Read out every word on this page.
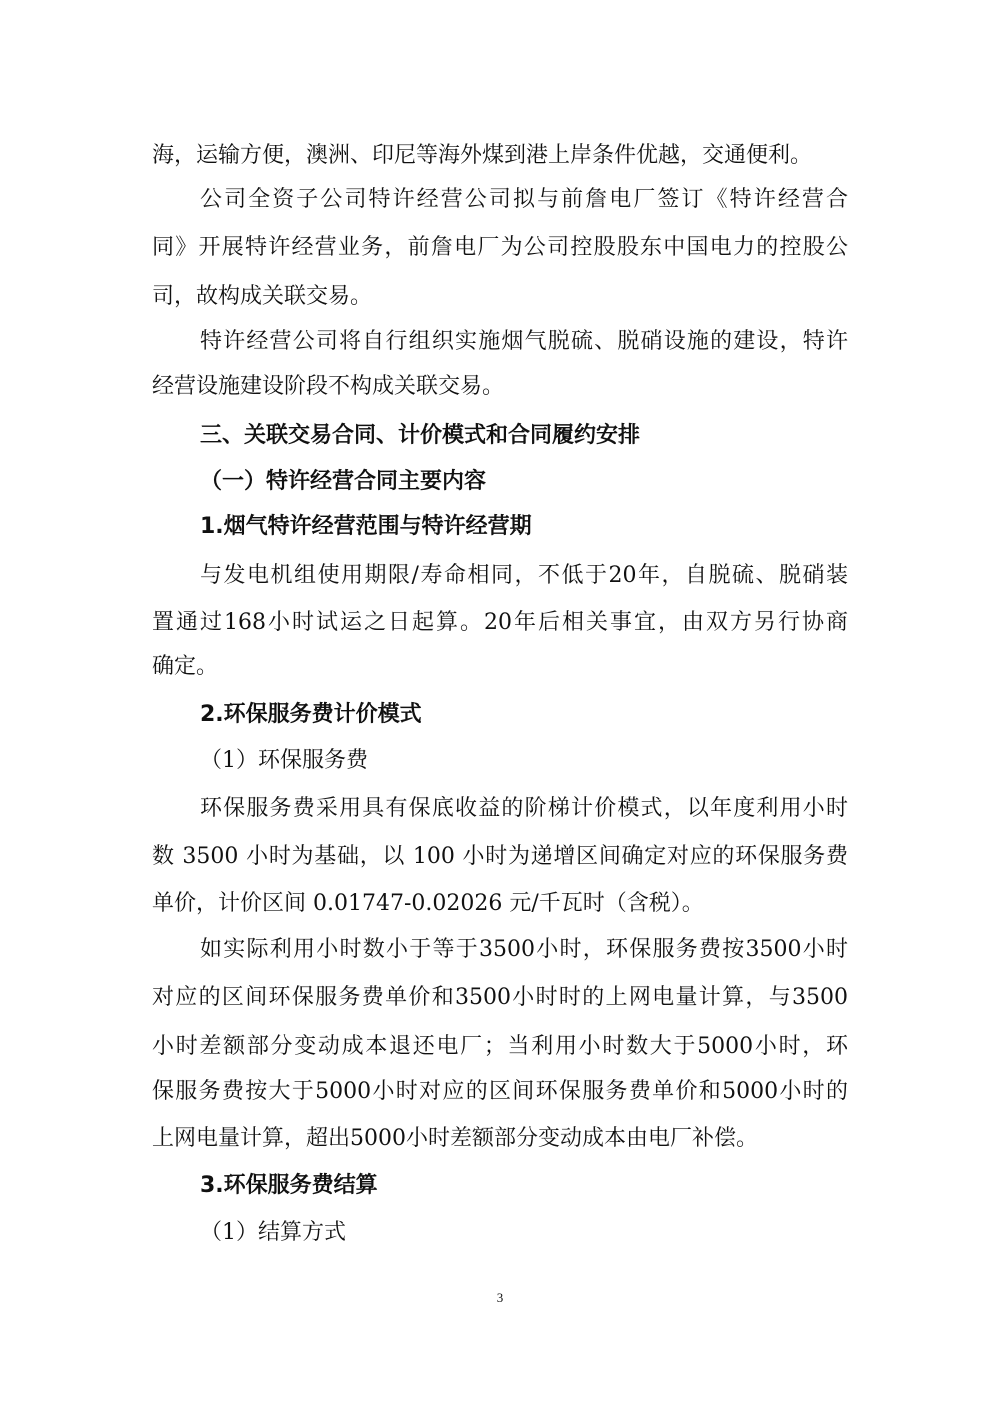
海，运输方便，澳洲、印尼等海外煤到港上岸条件优越，交通便利。
公司全资子公司特许经营公司拟与前詹电厂签订《特许经营合
同》开展特许经营业务，前詹电厂为公司控股股东中国电力的控股公
司，故构成关联交易。
特许经营公司将自行组织实施烟气脱硫、脱硝设施的建设，特许
经营设施建设阶段不构成关联交易。
三、关联交易合同、计价模式和合同履约安排
（一）特许经营合同主要内容
1.烟气特许经营范围与特许经营期
与发电机组使用期限/寿命相同，不低于20年，自脱硫、脱硝装
置通过168小时试运之日起算。20年后相关事宜，由双方另行协商
确定。
2.环保服务费计价模式
（1）环保服务费
环保服务费采用具有保底收益的阶梯计价模式，以年度利用小时
数 3500 小时为基础，以 100 小时为递增区间确定对应的环保服务费
单价，计价区间 0.01747-0.02026 元/千瓦时（含税）。
如实际利用小时数小于等于3500小时，环保服务费按3500小时
对应的区间环保服务费单价和3500小时时的上网电量计算，与3500
小时差额部分变动成本退还电厂；当利用小时数大于5000小时，环
保服务费按大于5000小时对应的区间环保服务费单价和5000小时的
上网电量计算，超出5000小时差额部分变动成本由电厂补偿。
3.环保服务费结算
（1）结算方式
3
